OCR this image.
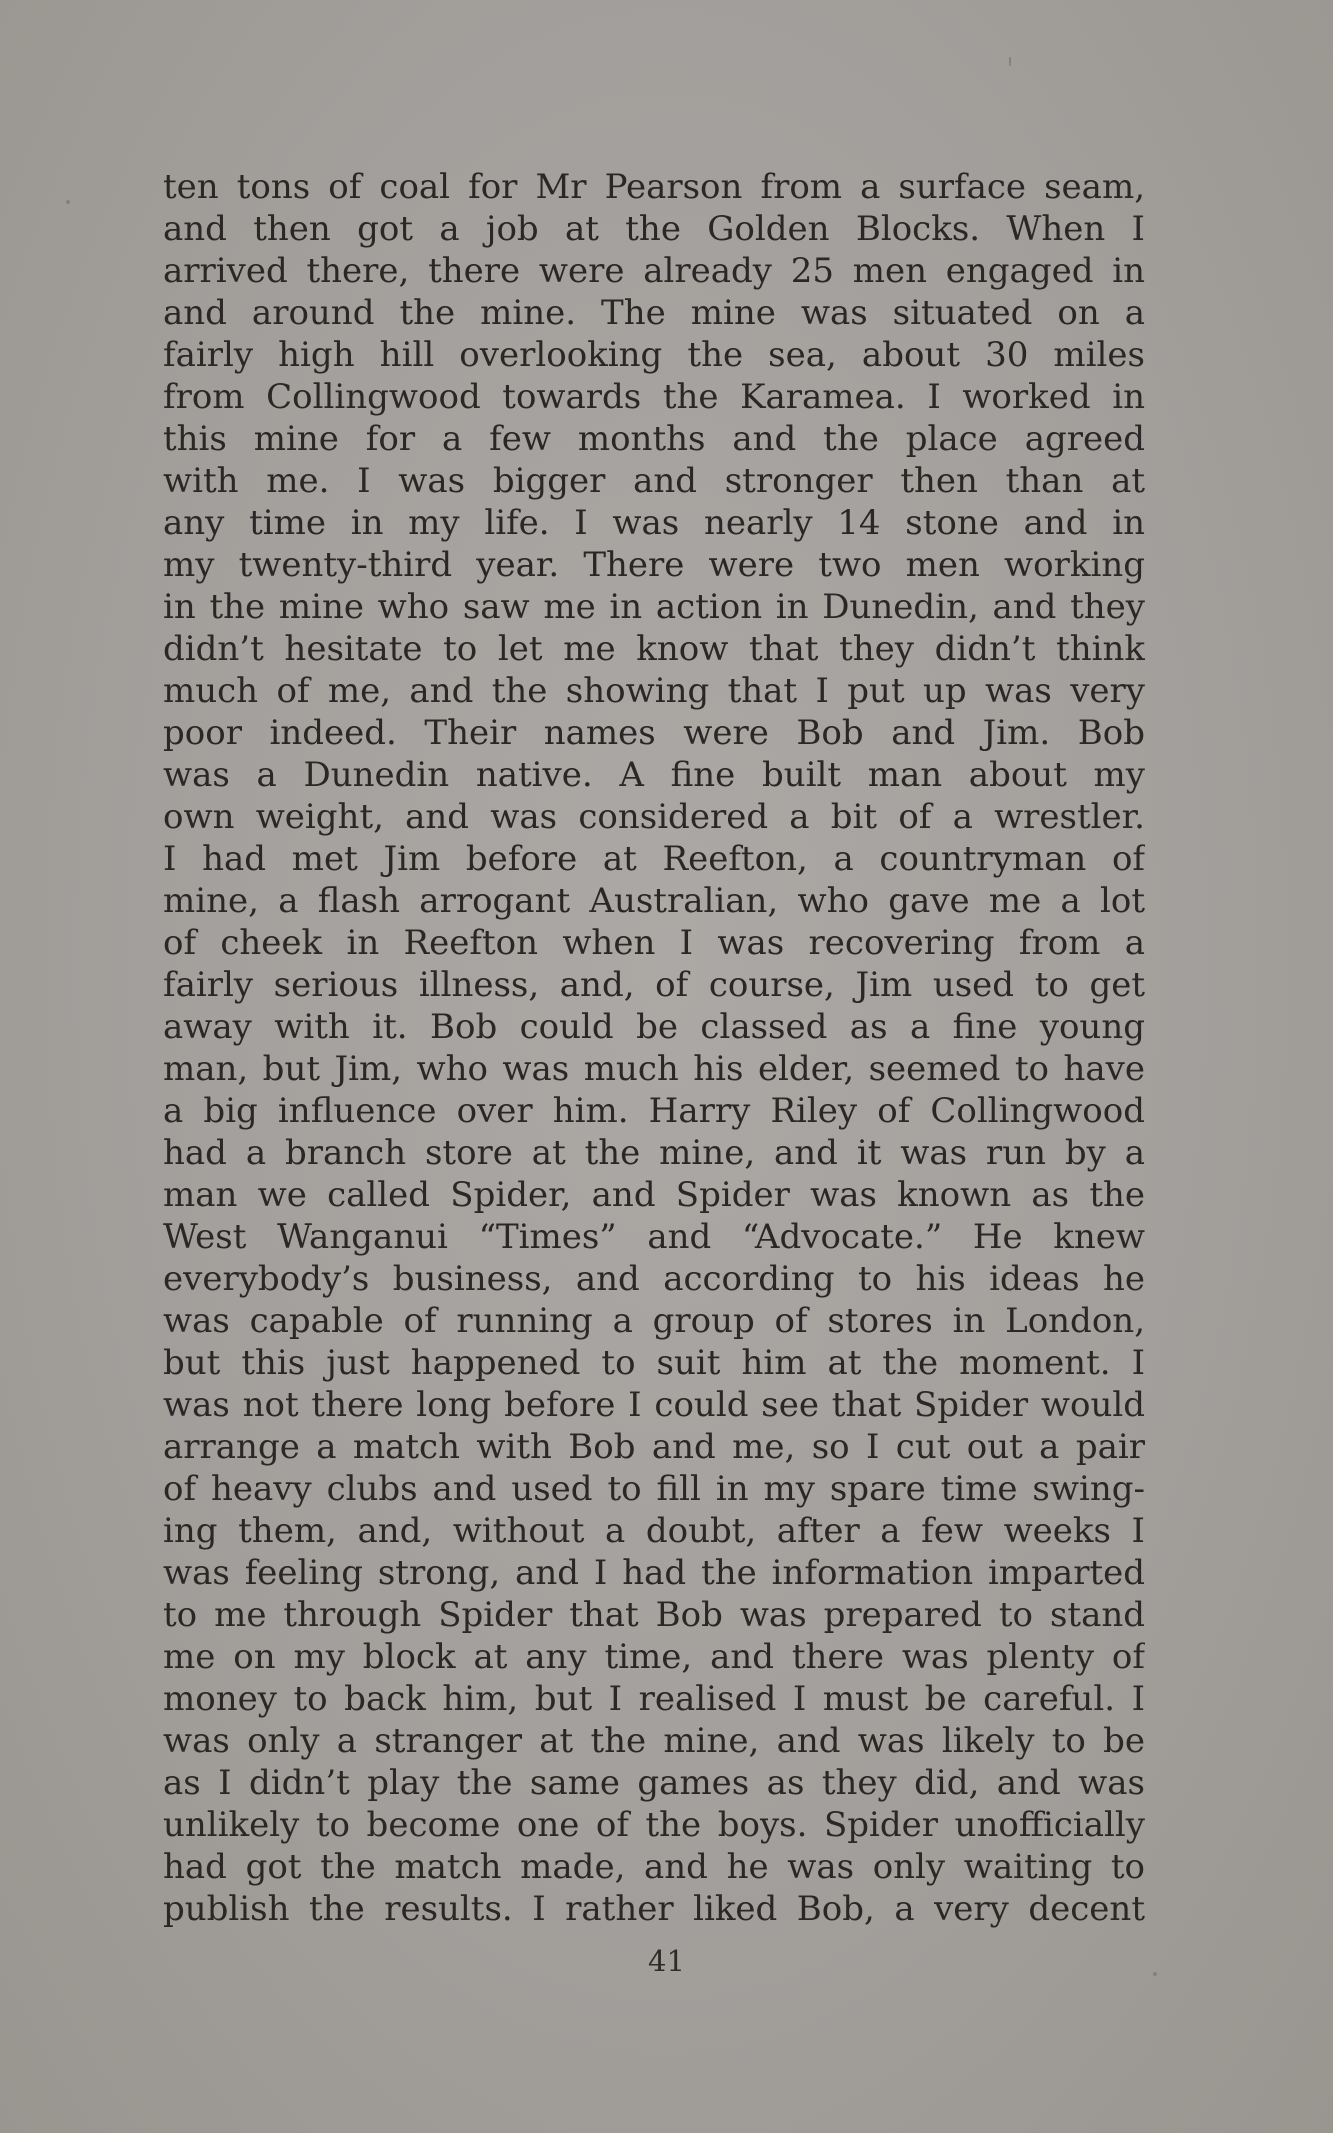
ten tons of coal for Mr Pearson from a surface seam,
and then got a job at the Golden Blocks. When I
arrived there, there were already 25 men engaged in
and around the mine. The mine was situated on a
fairly high hill overlooking the sea, about 30 miles
from Collingwood towards the Karamea. I worked in
this mine for a few months and the place agreed
with me. I was bigger and stronger then than at
any time in my life. I was nearly 14 stone and in
my twenty-third year. There were two men working
in the mine who saw me in action in Dunedin, and they
didn’t hesitate to let me know that they didn’t think
much of me, and the showing that I put up was very
poor indeed. Their names were Bob and Jim. Bob
was a Dunedin native. A fine built man about my
own weight, and was considered a bit of a wrestler.
I had met Jim before at Reefton, a countryman of
mine, a flash arrogant Australian, who gave me a lot
of cheek in Reefton when I was recovering from a
fairly serious illness, and, of course, Jim used to get
away with it. Bob could be classed as a fine young
man, but Jim, who was much his elder, seemed to have
a big influence over him. Harry Riley of Collingwood
had a branch store at the mine, and it was run by a
man we called Spider, and Spider was known as the
West Wanganui “Times” and “Advocate.” He knew
everybody’s business, and according to his ideas he
was capable of running a group of stores in London,
but this just happened to suit him at the moment. I
was not there long before I could see that Spider would
arrange a match with Bob and me, so I cut out a pair
of heavy clubs and used to fill in my spare time swing-
ing them, and, without a doubt, after a few weeks I
was feeling strong, and I had the information imparted
to me through Spider that Bob was prepared to stand
me on my block at any time, and there was plenty of
money to back him, but I realised I must be careful. I
was only a stranger at the mine, and was likely to be
as I didn’t play the same games as they did, and was
unlikely to become one of the boys. Spider unofficially
had got the match made, and he was only waiting to
publish the results. I rather liked Bob, a very decent
41
